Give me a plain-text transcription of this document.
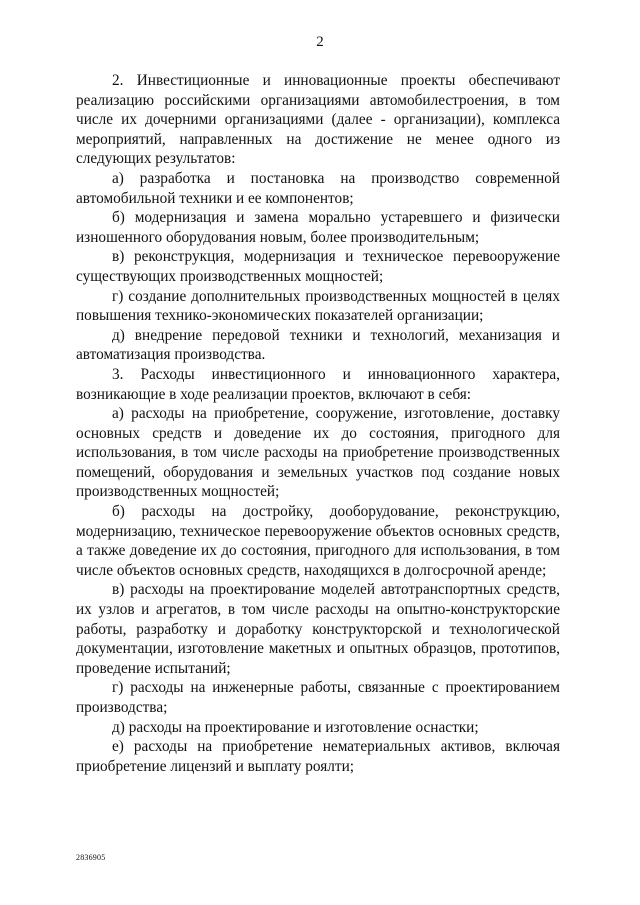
2

2. Инвестиционные и инновационные проекты обеспечивают реализацию российскими организациями автомобилестроения, в том числе их дочерними организациями (далее - организации), комплекса мероприятий, направленных на достижение не менее одного из следующих результатов:

а) разработка и постановка на производство современной автомобильной техники и ее компонентов;

б) модернизация и замена морально устаревшего и физически изношенного оборудования новым, более производительным;

в) реконструкция, модернизация и техническое перевооружение существующих производственных мощностей;

г) создание дополнительных производственных мощностей в целях повышения технико-экономических показателей организации;

д) внедрение передовой техники и технологий, механизация и автоматизация производства.

3. Расходы инвестиционного и инновационного характера, возникающие в ходе реализации проектов, включают в себя:

а) расходы на приобретение, сооружение, изготовление, доставку основных средств и доведение их до состояния, пригодного для использования, в том числе расходы на приобретение производственных помещений, оборудования и земельных участков под создание новых производственных мощностей;

б) расходы на достройку, дооборудование, реконструкцию, модернизацию, техническое перевооружение объектов основных средств, а также доведение их до состояния, пригодного для использования, в том числе объектов основных средств, находящихся в долгосрочной аренде;

в) расходы на проектирование моделей автотранспортных средств, их узлов и агрегатов, в том числе расходы на опытно-конструкторские работы, разработку и доработку конструкторской и технологической документации, изготовление макетных и опытных образцов, прототипов, проведение испытаний;

г) расходы на инженерные работы, связанные с проектированием производства;

д) расходы на проектирование и изготовление оснастки;

е) расходы на приобретение нематериальных активов, включая приобретение лицензий и выплату роялти;

2836905
